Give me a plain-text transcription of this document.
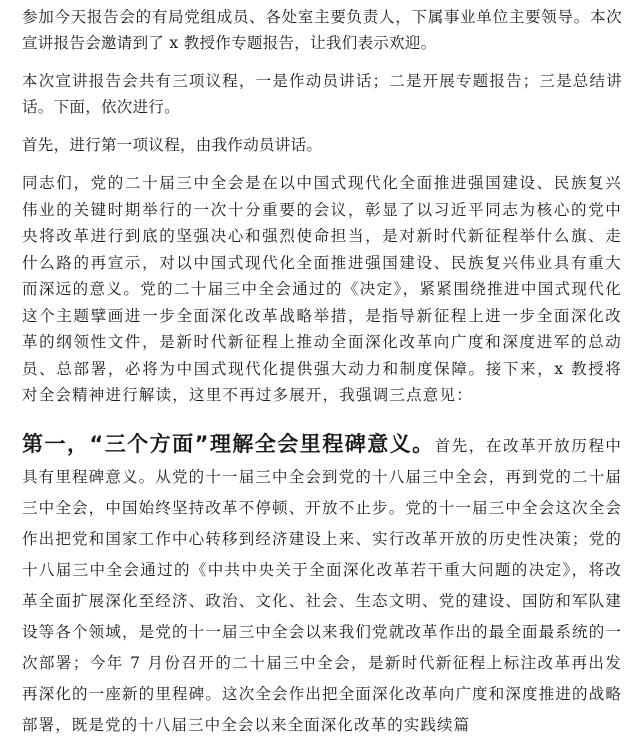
参加今天报告会的有局党组成员、各处室主要负责人，下属事业单位主要领导。本次宣讲报告会邀请到了 x 教授作专题报告，让我们表示欢迎。

本次宣讲报告会共有三项议程，一是作动员讲话；二是开展专题报告；三是总结讲话。下面，依次进行。

首先，进行第一项议程，由我作动员讲话。

同志们，党的二十届三中全会是在以中国式现代化全面推进强国建设、民族复兴伟业的关键时期举行的一次十分重要的会议，彰显了以习近平同志为核心的党中央将改革进行到底的坚强决心和强烈使命担当，是对新时代新征程举什么旗、走什么路的再宣示，对以中国式现代化全面推进强国建设、民族复兴伟业具有重大而深远的意义。党的二十届三中全会通过的《决定》，紧紧围绕推进中国式现代化这个主题擘画进一步全面深化改革战略举措，是指导新征程上进一步全面深化改革的纲领性文件，是新时代新征程上推动全面深化改革向广度和深度进军的总动员、总部署，必将为中国式现代化提供强大动力和制度保障。接下来，x 教授将对全会精神进行解读，这里不再过多展开，我强调三点意见：

第一，“三个方面”理解全会里程碑意义。首先，在改革开放历程中具有里程碑意义。从党的十一届三中全会到党的十八届三中全会，再到党的二十届三中全会，中国始终坚持改革不停顿、开放不止步。党的十一届三中全会这次全会作出把党和国家工作中心转移到经济建设上来、实行改革开放的历史性决策；党的十八届三中全会通过的《中共中央关于全面深化改革若干重大问题的决定》，将改革全面扩展深化至经济、政治、文化、社会、生态文明、党的建设、国防和军队建设等各个领域，是党的十一届三中全会以来我们党就改革作出的最全面最系统的一次部署；今年 7 月份召开的二十届三中全会，是新时代新征程上标注改革再出发再深化的一座新的里程碑。这次全会作出把全面深化改革向广度和深度推进的战略部署，既是党的十八届三中全会以来全面深化改革的实践续篇
